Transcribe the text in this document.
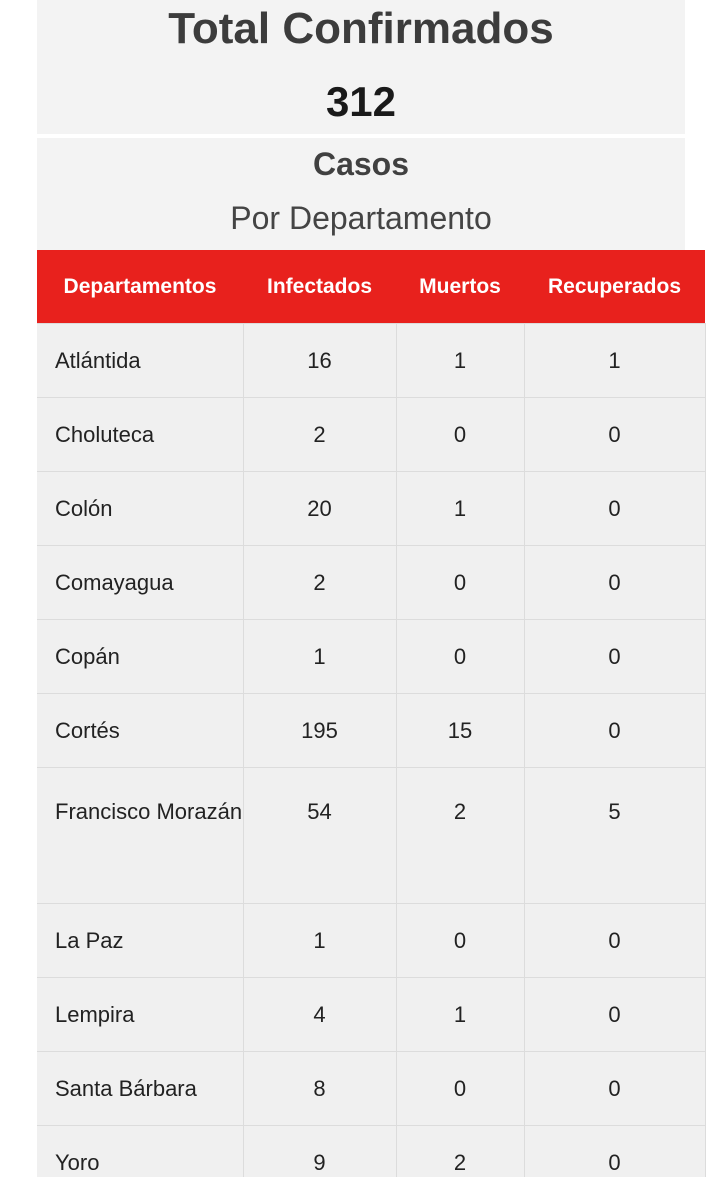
Total Confirmados
312
Casos
Por Departamento
Departamentos	Infectados	Muertos	Recuperados
Atlántida	16	1	1
Choluteca	2	0	0
Colón	20	1	0
Comayagua	2	0	0
Copán	1	0	0
Cortés	195	15	0
Francisco Morazán	54	2	5
La Paz	1	0	0
Lempira	4	1	0
Santa Bárbara	8	0	0
Yoro	9	2	0
